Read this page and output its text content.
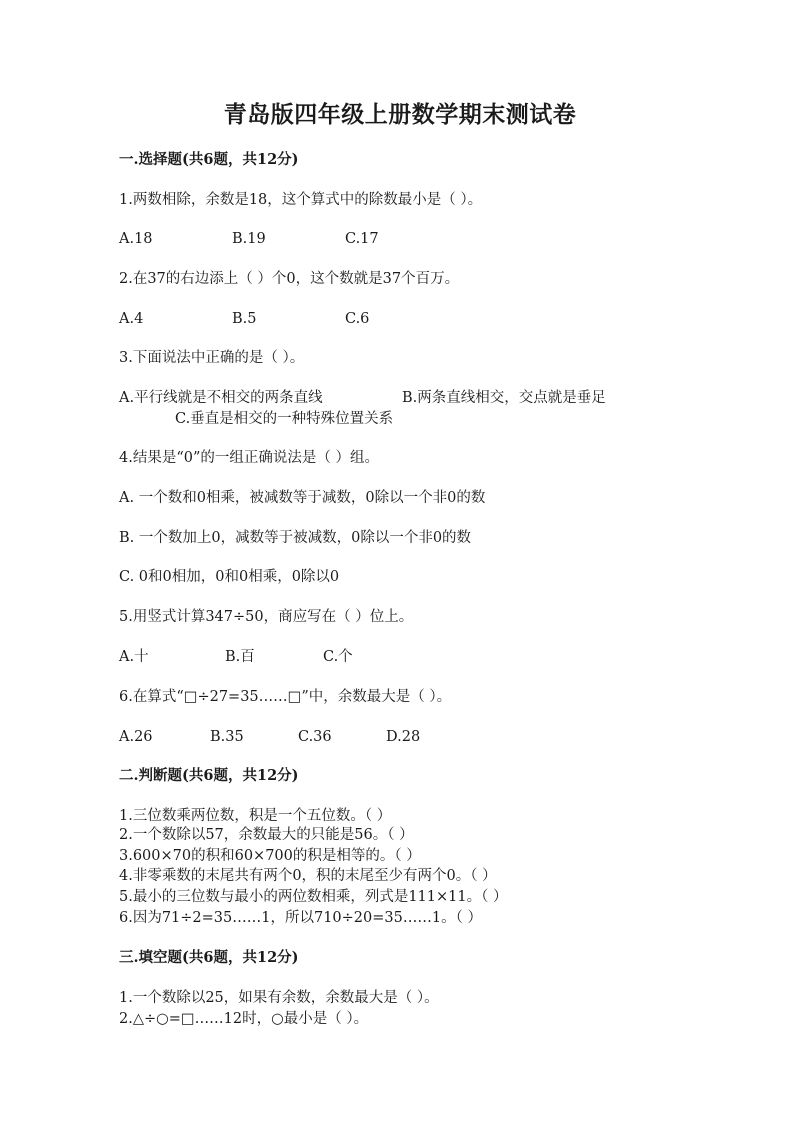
青岛版四年级上册数学期末测试卷
一.选择题(共6题，共12分)
1.两数相除，余数是18，这个算式中的除数最小是（ ）。
A.18	B.19	C.17
2.在37的右边添上（ ）个0，这个数就是37个百万。
A.4	B.5	C.6
3.下面说法中正确的是（ ）。
A.平行线就是不相交的两条直线	B.两条直线相交，交点就是垂足
C.垂直是相交的一种特殊位置关系
4.结果是“0”的一组正确说法是（ ）组。
A. 一个数和0相乘，被减数等于减数，0除以一个非0的数
B. 一个数加上0，减数等于被减数，0除以一个非0的数
C. 0和0相加，0和0相乘，0除以0
5.用竖式计算347÷50，商应写在（ ）位上。
A.十	B.百	C.个
6.在算式“□÷27=35……□”中，余数最大是（ ）。
A.26	B.35	C.36	D.28
二.判断题(共6题，共12分)
1.三位数乘两位数，积是一个五位数。（ ）
2.一个数除以57，余数最大的只能是56。（ ）
3.600×70的积和60×700的积是相等的。（ ）
4.非零乘数的末尾共有两个0，积的末尾至少有两个0。（ ）
5.最小的三位数与最小的两位数相乘，列式是111×11。（ ）
6.因为71÷2=35……1，所以710÷20=35……1。（ ）
三.填空题(共6题，共12分)
1.一个数除以25，如果有余数，余数最大是（ ）。
2.△÷○=□……12时，○最小是（ ）。
